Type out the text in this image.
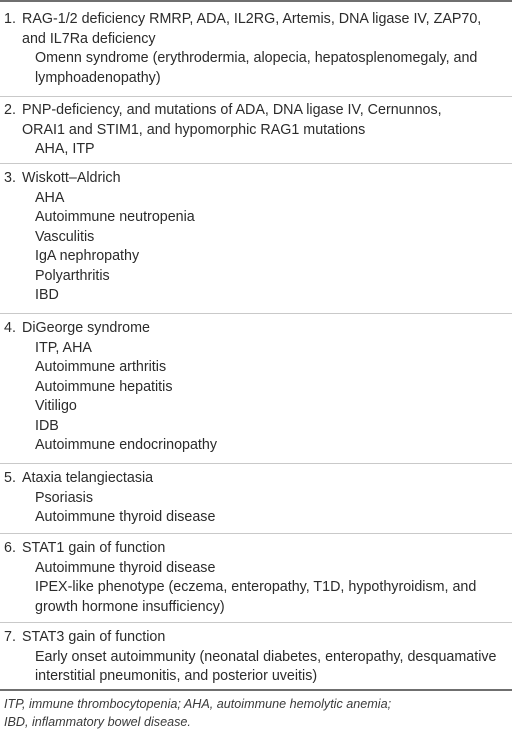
1. RAG-1/2 deficiency RMRP, ADA, IL2RG, Artemis, DNA ligase IV, ZAP70,
and IL7Ra deficiency
Omenn syndrome (erythrodermia, alopecia, hepatosplenomegaly, and
lymphoadenopathy)
2. PNP-deficiency, and mutations of ADA, DNA ligase IV, Cernunnos,
ORAI1 and STIM1, and hypomorphic RAG1 mutations
AHA, ITP
3. Wiskott–Aldrich
AHA
Autoimmune neutropenia
Vasculitis
IgA nephropathy
Polyarthritis
IBD
4. DiGeorge syndrome
ITP, AHA
Autoimmune arthritis
Autoimmune hepatitis
Vitiligo
IDB
Autoimmune endocrinopathy
5. Ataxia telangiectasia
Psoriasis
Autoimmune thyroid disease
6. STAT1 gain of function
Autoimmune thyroid disease
IPEX-like phenotype (eczema, enteropathy, T1D, hypothyroidism, and
growth hormone insufficiency)
7. STAT3 gain of function
Early onset autoimmunity (neonatal diabetes, enteropathy, desquamative
interstitial pneumonitis, and posterior uveitis)
ITP, immune thrombocytopenia; AHA, autoimmune hemolytic anemia;
IBD, inflammatory bowel disease.
